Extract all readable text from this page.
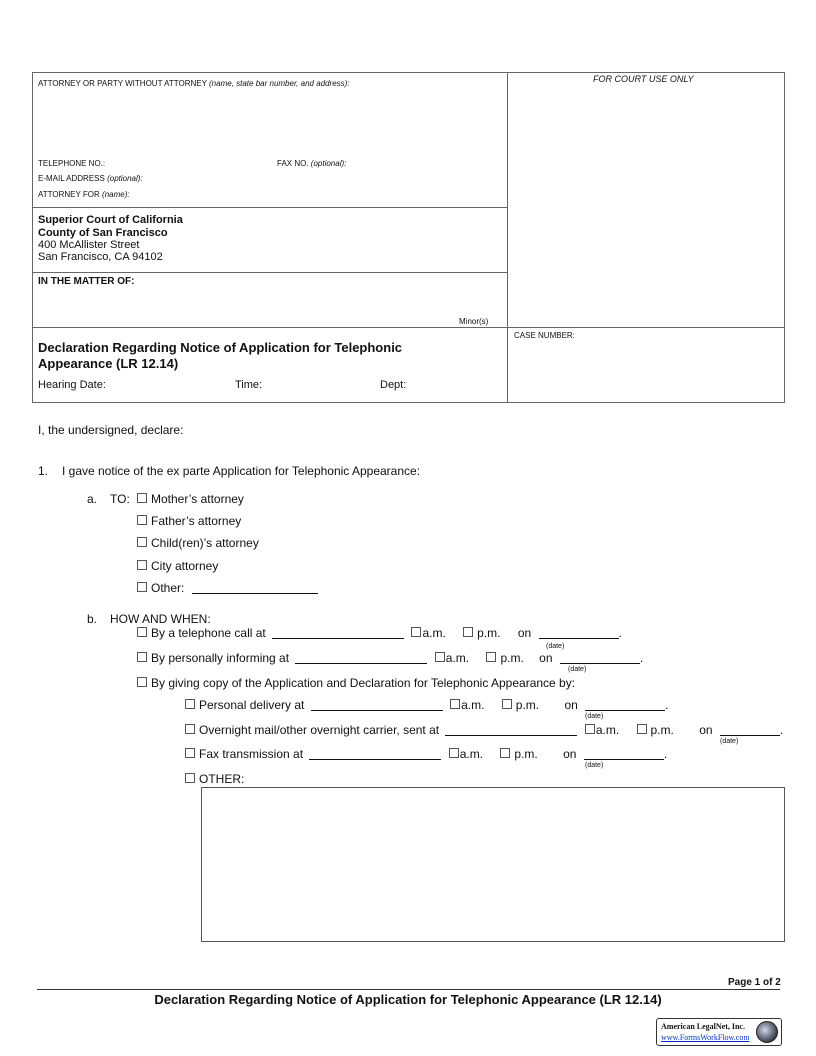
ATTORNEY OR PARTY WITHOUT ATTORNEY (name, state bar number, and address):	FOR COURT USE ONLY
TELEPHONE NO.:	FAX NO. (optional):
E-MAIL ADDRESS (optional):
ATTORNEY FOR (name):
Superior Court of California
County of San Francisco
400 McAllister Street
San Francisco, CA 94102
IN THE MATTER OF:
Minor(s)
Declaration Regarding Notice of Application for Telephonic
Appearance (LR 12.14)
Hearing Date:	Time:	Dept:
CASE NUMBER:
I, the undersigned, declare:
1. I gave notice of the ex parte Application for Telephonic Appearance:
a. TO:	Mother’s attorney
Father’s attorney
Child(ren)’s attorney
City attorney
Other:
b. HOW AND WHEN:
By a telephone call at	a.m.	p.m. on	.
(date)
By personally informing at	a.m.	p.m. on	.
(date)
By giving copy of the Application and Declaration for Telephonic Appearance by:
Personal delivery at	a.m.	p.m. on	.
(date)
Overnight mail/other overnight carrier, sent at	a.m.	p.m. on	.
(date)
Fax transmission at	a.m.	p.m. on	.
(date)
OTHER:
Page 1 of 2
Declaration Regarding Notice of Application for Telephonic Appearance (LR 12.14)
American LegalNet, Inc.
www.FormsWorkFlow.com
